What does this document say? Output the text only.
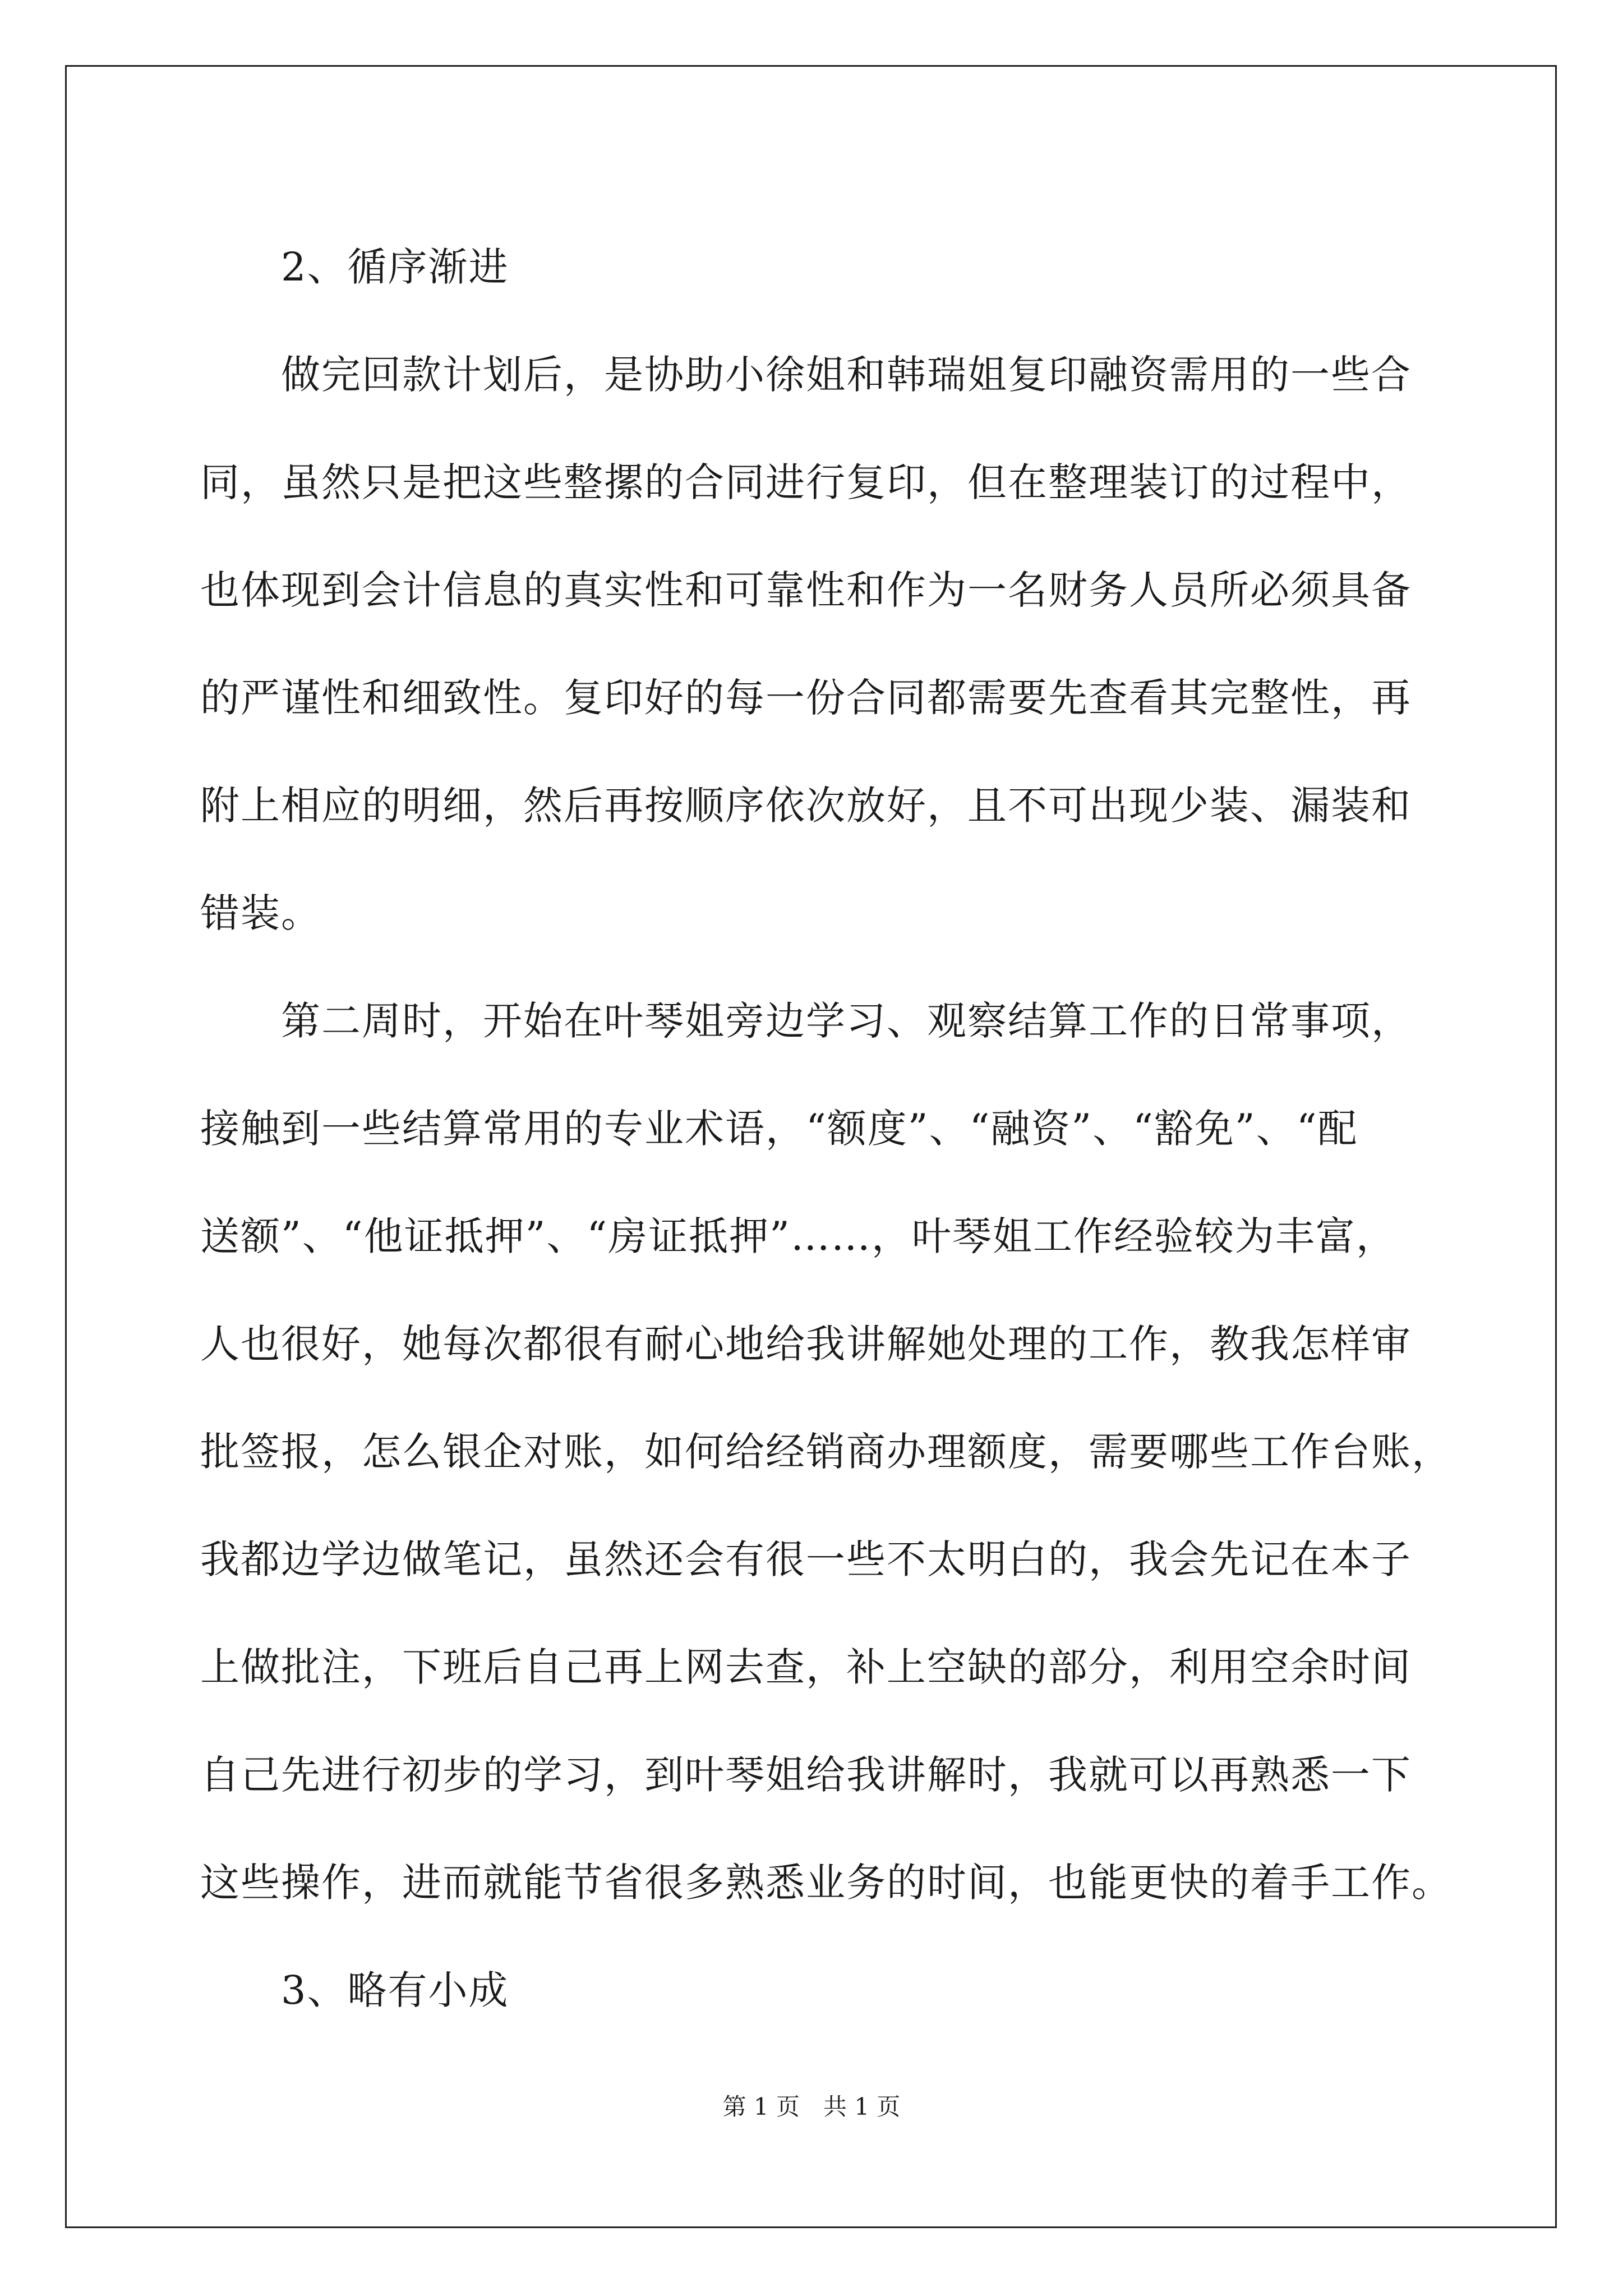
2、循序渐进
做完回款计划后，是协助小徐姐和韩瑞姐复印融资需用的一些合
同，虽然只是把这些整摞的合同进行复印，但在整理装订的过程中，
也体现到会计信息的真实性和可靠性和作为一名财务人员所必须具备
的严谨性和细致性。复印好的每一份合同都需要先查看其完整性，再
附上相应的明细，然后再按顺序依次放好，且不可出现少装、漏装和
错装。
第二周时，开始在叶琴姐旁边学习、观察结算工作的日常事项，
接触到一些结算常用的专业术语，“额度”、“融资”、“豁免”、“配
送额”、“他证抵押”、“房证抵押”……，叶琴姐工作经验较为丰富，
人也很好，她每次都很有耐心地给我讲解她处理的工作，教我怎样审
批签报，怎么银企对账，如何给经销商办理额度，需要哪些工作台账，
我都边学边做笔记，虽然还会有很一些不太明白的，我会先记在本子
上做批注，下班后自己再上网去查，补上空缺的部分，利用空余时间
自己先进行初步的学习，到叶琴姐给我讲解时，我就可以再熟悉一下
这些操作，进而就能节省很多熟悉业务的时间，也能更快的着手工作。
3、略有小成
第 1 页　共 1 页
